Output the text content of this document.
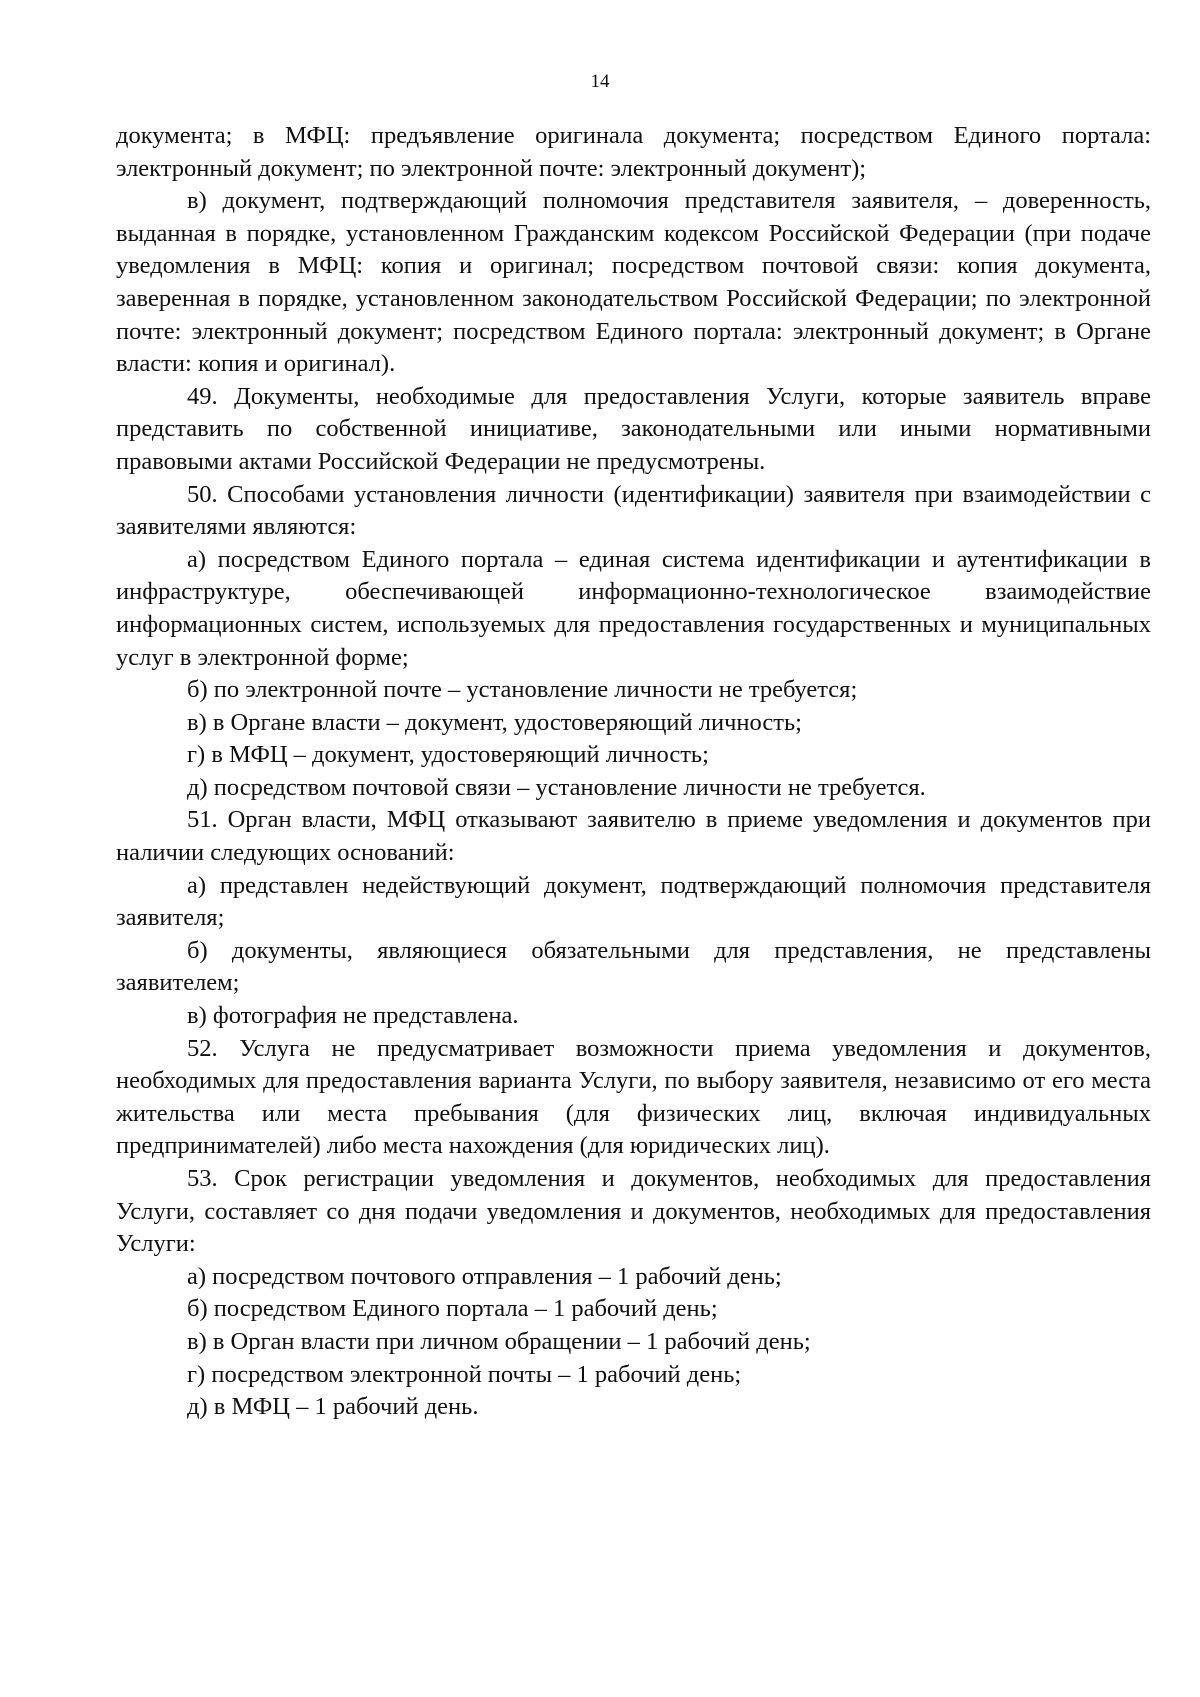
14

документа; в МФЦ: предъявление оригинала документа; посредством Единого портала: электронный документ; по электронной почте: электронный документ);

в) документ, подтверждающий полномочия представителя заявителя, – доверенность, выданная в порядке, установленном Гражданским кодексом Российской Федерации (при подаче уведомления в МФЦ: копия и оригинал; посредством почтовой связи: копия документа, заверенная в порядке, установленном законодательством Российской Федерации; по электронной почте: электронный документ; посредством Единого портала: электронный документ; в Органе власти: копия и оригинал).

49. Документы, необходимые для предоставления Услуги, которые заявитель вправе представить по собственной инициативе, законодательными или иными нормативными правовыми актами Российской Федерации не предусмотрены.

50. Способами установления личности (идентификации) заявителя при взаимодействии с заявителями являются:

а) посредством Единого портала – единая система идентификации и аутентификации в инфраструктуре, обеспечивающей информационно-технологическое взаимодействие информационных систем, используемых для предоставления государственных и муниципальных услуг в электронной форме;

б) по электронной почте – установление личности не требуется;

в) в Органе власти – документ, удостоверяющий личность;

г) в МФЦ – документ, удостоверяющий личность;

д) посредством почтовой связи – установление личности не требуется.

51. Орган власти, МФЦ отказывают заявителю в приеме уведомления и документов при наличии следующих оснований:

а) представлен недействующий документ, подтверждающий полномочия представителя заявителя;

б) документы, являющиеся обязательными для представления, не представлены заявителем;

в) фотография не представлена.

52. Услуга не предусматривает возможности приема уведомления и документов, необходимых для предоставления варианта Услуги, по выбору заявителя, независимо от его места жительства или места пребывания (для физических лиц, включая индивидуальных предпринимателей) либо места нахождения (для юридических лиц).

53. Срок регистрации уведомления и документов, необходимых для предоставления Услуги, составляет со дня подачи уведомления и документов, необходимых для предоставления Услуги:

а) посредством почтового отправления – 1 рабочий день;

б) посредством Единого портала – 1 рабочий день;

в) в Орган власти при личном обращении – 1 рабочий день;

г) посредством электронной почты – 1 рабочий день;

д) в МФЦ – 1 рабочий день.
